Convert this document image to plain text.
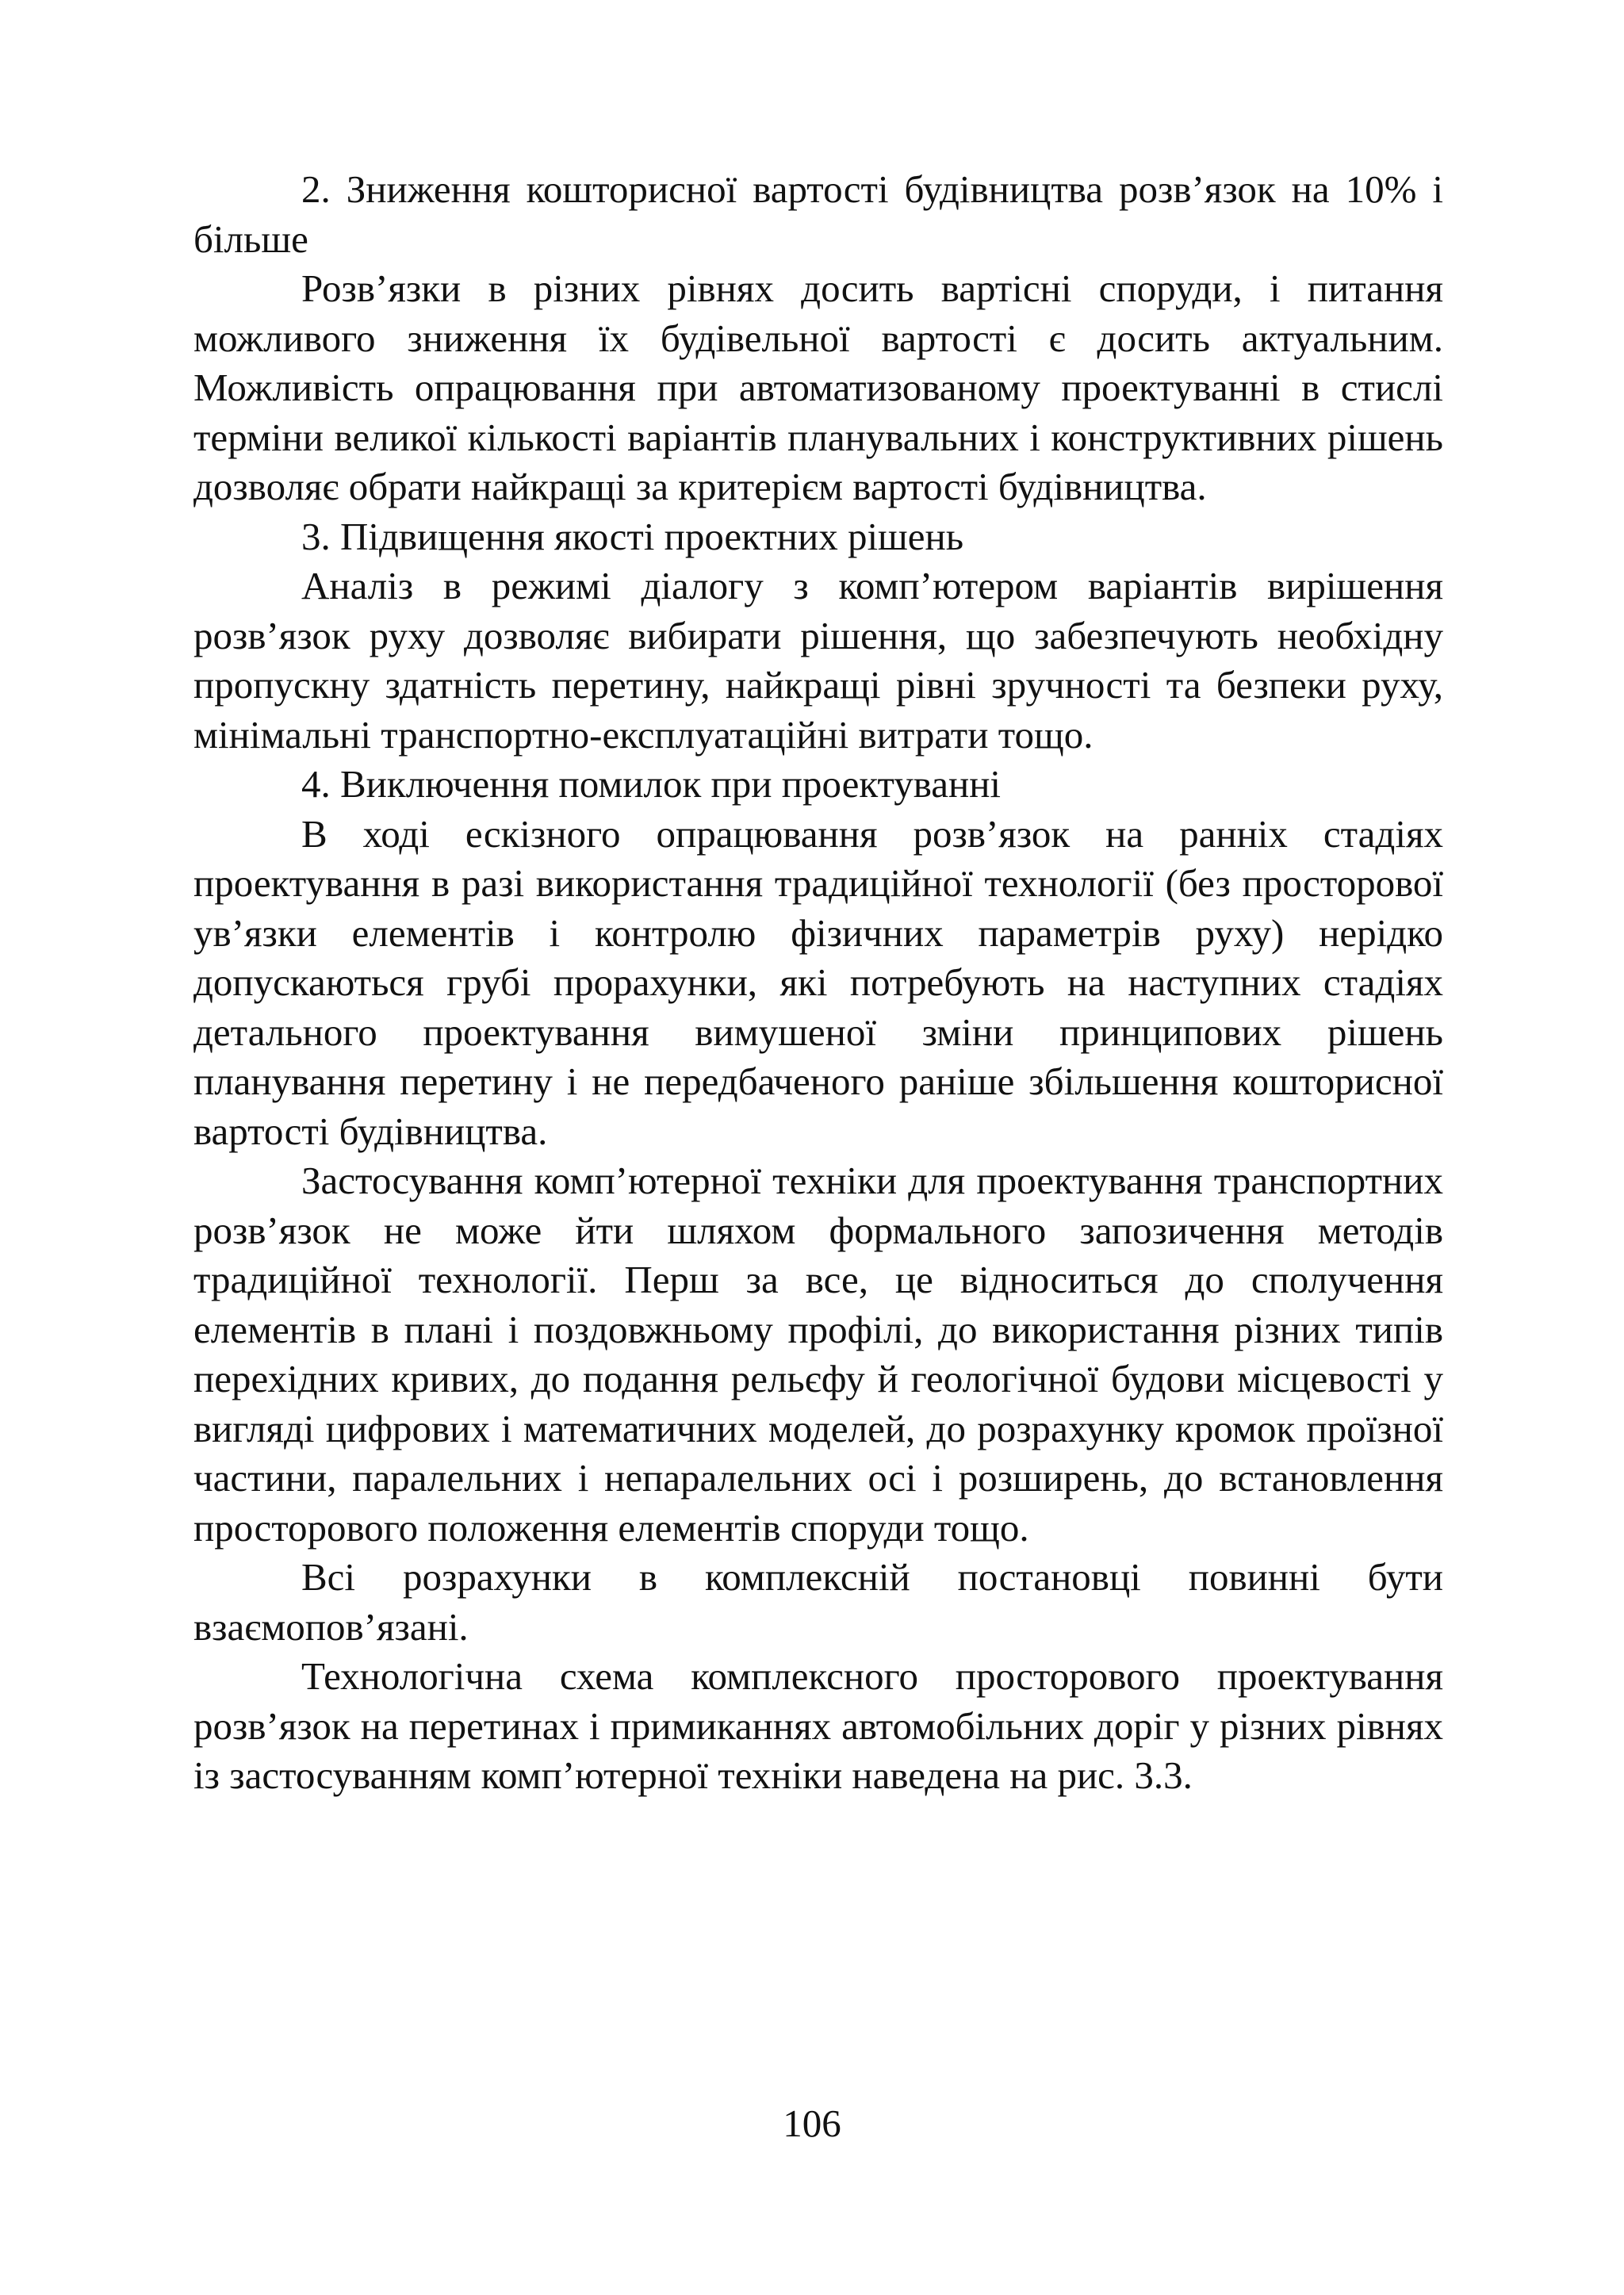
2. Зниження кошторисної вартості будівництва розв’язок на 10% і більше

Розв’язки в різних рівнях досить вартісні споруди, і питання можливого зниження їх будівельної вартості є досить актуальним. Можливість опрацювання при автоматизованому проектуванні в стислі терміни великої кількості варіантів планувальних і конструктивних рішень дозволяє обрати найкращі за критерієм вартості будівництва.

3. Підвищення якості проектних рішень

Аналіз в режимі діалогу з комп’ютером варіантів вирішення розв’язок руху дозволяє вибирати рішення, що забезпечують необхідну пропускну здатність перетину, найкращі рівні зручності та безпеки руху, мінімальні транспортно-експлуатаційні витрати тощо.

4. Виключення помилок при проектуванні

В ході ескізного опрацювання розв’язок на ранніх стадіях проектування в разі використання традиційної технології (без просторової ув’язки елементів і контролю фізичних параметрів руху) нерідко допускаються грубі прорахунки, які потребують на наступних стадіях детального проектування вимушеної зміни принципових рішень планування перетину і не передбаченого раніше збільшення кошторисної вартості будівництва.

Застосування комп’ютерної техніки для проектування транспортних розв’язок не може йти шляхом формального запозичення методів традиційної технології. Перш за все, це відноситься до сполучення елементів в плані і поздовжньому профілі, до використання різних типів перехідних кривих, до подання рельєфу й геологічної будови місцевості у вигляді цифрових і математичних моделей, до розрахунку кромок проїзної частини, паралельних і непаралельних осі і розширень, до встановлення просторового положення елементів споруди тощо.

Всі розрахунки в комплексній постановці повинні бути взаємопов’язані.

Технологічна схема комплексного просторового проектування розв’язок на перетинах і примиканнях автомобільних доріг у різних рівнях із застосуванням комп’ютерної техніки наведена на рис. 3.3.

106
